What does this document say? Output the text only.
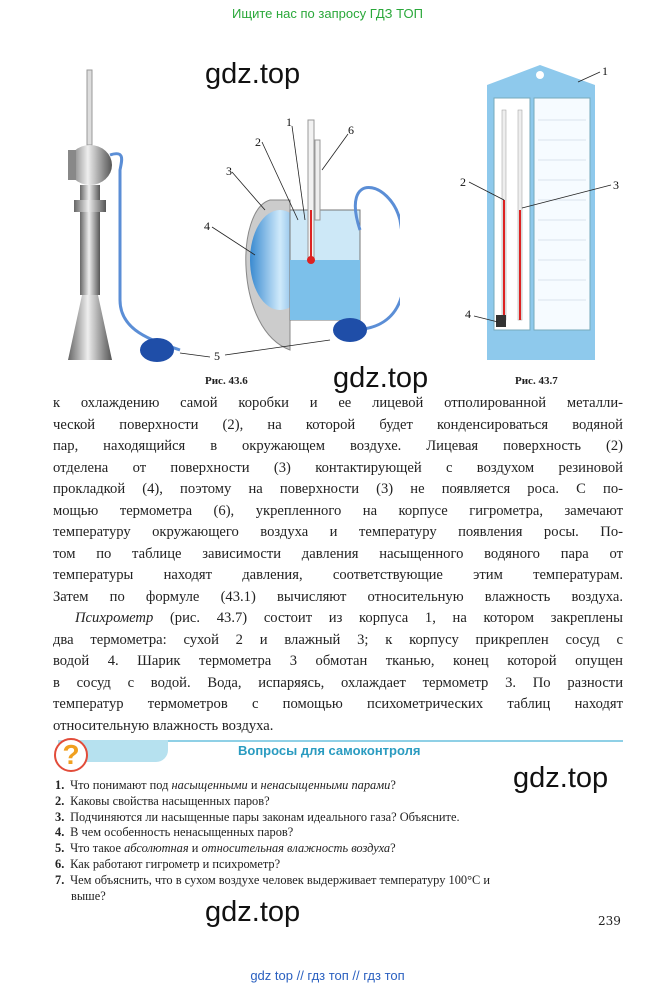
Ищите нас по запросу ГДЗ ТОП
gdz.top
gdz.top
gdz.top
gdz.top
1
2
3
4
5
6
Рис. 43.6
1
2	3
4
Рис. 43.7
к охлаждению самой коробки и ее лицевой отполированной металли-
ческой поверхности (2), на которой будет конденсироваться водяной
пар, находящийся в окружающем воздухе. Лицевая поверхность (2)
отделена от поверхности (3) контактирующей с воздухом резиновой
прокладкой (4), поэтому на поверхности (3) не появляется роса. С по-
мощью термометра (6), укрепленного на корпусе гигрометра, замечают
температуру окружающего воздуха и температуру появления росы. По-
том по таблице зависимости давления насыщенного водяного пара от
температуры находят давления, соответствующие этим температурам.
Затем по формуле (43.1) вычисляют относительную влажность воздуха.
Психрометр (рис. 43.7) состоит из корпуса 1, на котором закреплены
два термометра: сухой 2 и влажный 3; к корпусу прикреплен сосуд с
водой 4. Шарик термометра 3 обмотан тканью, конец которой опущен
в сосуд с водой. Вода, испаряясь, охлаждает термометр 3. По разности
температур термометров с помощью психометрических таблиц находят
относительную влажность воздуха.
?	Вопросы для самоконтроля
1. Что понимают под насыщенными и ненасыщенными парами?
2. Каковы свойства насыщенных паров?
3. Подчиняются ли насыщенные пары законам идеального газа? Объясните.
4. В чем особенность ненасыщенных паров?
5. Что такое абсолютная и относительная влажность воздуха?
6. Как работают гигрометр и психрометр?
7. Чем объяснить, что в сухом воздухе человек выдерживает температуру 100°С и
выше?
239
gdz top // гдз топ // гдз топ
